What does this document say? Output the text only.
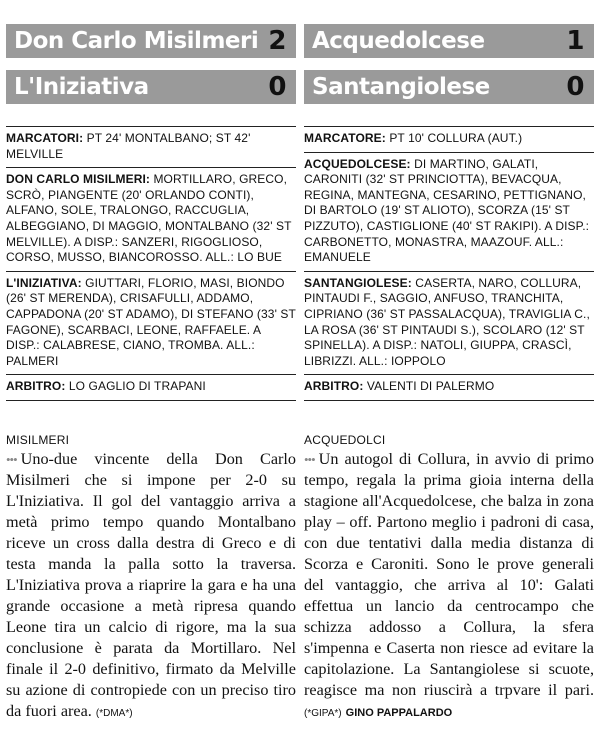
Don Carlo Misilmeri 2
L'Iniziativa	0
MARCATORI: PT 24' MONTALBANO; ST 42' MELVILLE
DON CARLO MISILMERI: MORTILLARO, GRECO, SCRÒ, PIANGENTE (20' ORLANDO CONTI), ALFANO, SOLE, TRALONGO, RACCUGLIA, ALBEGGIANO, DI MAGGIO, MONTALBANO (32' ST MELVILLE). A DISP.: SANZERI, RIGOGLIOSO, CORSO, MUSSO, BIANCOROSSO. ALL.: LO BUE
L'INIZIATIVA: GIUTTARI, FLORIO, MASI, BIONDO (26' ST MERENDA), CRISAFULLI, ADDAMO, CAPPADONA (20' ST ADAMO), DI STEFANO (33' ST FAGONE), SCARBACI, LEONE, RAFFAELE. A DISP.: CALABRESE, CIANO, TROMBA. ALL.: PALMERI
ARBITRO: LO GAGLIO DI TRAPANI
MISILMERI
••• Uno-due vincente della Don Carlo Misilmeri che si impone per 2-0 su L'Iniziativa. Il gol del vantaggio arriva a metà primo tempo quando Montalbano riceve un cross dalla destra di Greco e di testa manda la palla sotto la traversa. L'Iniziativa prova a riaprire la gara e ha una grande occasione a metà ripresa quando Leone tira un calcio di rigore, ma la sua conclusione è parata da Mortillaro. Nel finale il 2-0 definitivo, firmato da Melville su azione di contropiede con un preciso tiro da fuori area. (*DMA*)
Acquedolcese	1
Santangiolese	0
MARCATORE: PT 10' COLLURA (AUT.)
ACQUEDOLCESE: DI MARTINO, GALATI, CARONITI (32' ST PRINCIOTTA), BEVACQUA, REGINA, MANTEGNA, CESARINO, PETTIGNANO, DI BARTOLO (19' ST ALIOTO), SCORZA (15' ST PIZZUTO), CASTIGLIONE (40' ST RAKIPI). A DISP.: CARBONETTO, MONASTRA, MAAZOUF. ALL.: EMANUELE
SANTANGIOLESE: CASERTA, NARO, COLLURA, PINTAUDI F., SAGGIO, ANFUSO, TRANCHITA, CIPRIANO (36' ST PASSALACQUA), TRAVIGLIA C., LA ROSA (36' ST PINTAUDI S.), SCOLARO (12' ST SPINELLA). A DISP.: NATOLI, GIUPPA, CRASCÌ, LIBRIZZI. ALL.: IOPPOLO
ARBITRO: VALENTI DI PALERMO
ACQUEDOLCI
••• Un autogol di Collura, in avvio di primo tempo, regala la prima gioia interna della stagione all'Acquedolcese, che balza in zona play – off. Partono meglio i padroni di casa, con due tentativi dalla media distanza di Scorza e Caroniti. Sono le prove generali del vantaggio, che arriva al 10': Galati effettua un lancio da centrocampo che schizza addosso a Collura, la sfera s'impenna e Caserta non riesce ad evitare la capitolazione. La Santangiolese si scuote, reagisce ma non riuscirà a trpvare il pari. (*GIPA*) GINO PAPPALARDO
